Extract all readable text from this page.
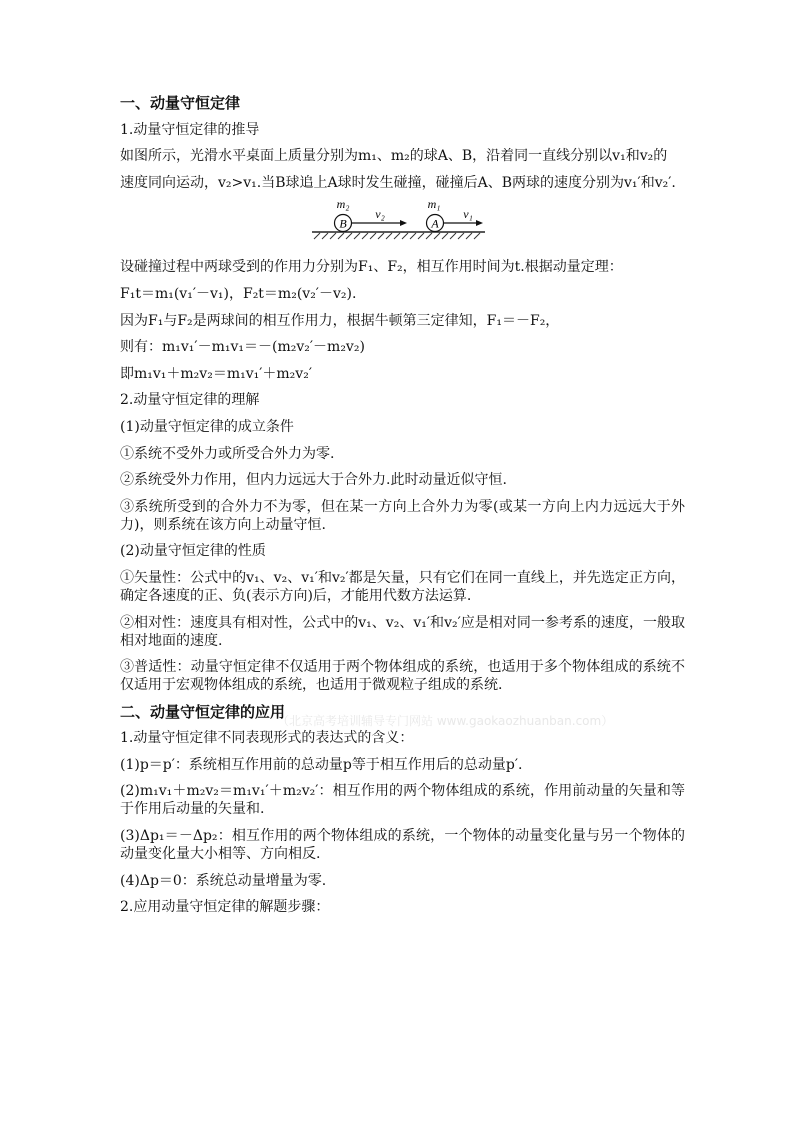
一、动量守恒定律
1.动量守恒定律的推导
如图所示，光滑水平桌面上质量分别为m₁、m₂的球A、B，沿着同一直线分别以v₁和v₂的
速度同向运动，v₂>v₁.当B球追上A球时发生碰撞，碰撞后A、B两球的速度分别为v₁′和v₂′.
B
m₂
v₂
A
m₁
v₁
设碰撞过程中两球受到的作用力分别为F₁、F₂，相互作用时间为t.根据动量定理：
F₁t＝m₁(v₁′－v₁)，F₂t＝m₂(v₂′－v₂).
因为F₁与F₂是两球间的相互作用力，根据牛顿第三定律知，F₁＝－F₂，
则有：m₁v₁′－m₁v₁＝－(m₂v₂′－m₂v₂)
即m₁v₁＋m₂v₂＝m₁v₁′＋m₂v₂′
2.动量守恒定律的理解
(1)动量守恒定律的成立条件
①系统不受外力或所受合外力为零.
②系统受外力作用，但内力远远大于合外力.此时动量近似守恒.
③系统所受到的合外力不为零，但在某一方向上合外力为零(或某一方向上内力远远大于外力)，则系统在该方向上动量守恒.
(2)动量守恒定律的性质
①矢量性：公式中的v₁、v₂、v₁′和v₂′都是矢量，只有它们在同一直线上，并先选定正方向，确定各速度的正、负(表示方向)后，才能用代数方法运算.
②相对性：速度具有相对性，公式中的v₁、v₂、v₁′和v₂′应是相对同一参考系的速度，一般取相对地面的速度.
③普适性：动量守恒定律不仅适用于两个物体组成的系统，也适用于多个物体组成的系统不仅适用于宏观物体组成的系统，也适用于微观粒子组成的系统.
二、动量守恒定律的应用
1.动量守恒定律不同表现形式的表达式的含义：
(1)p＝p′：系统相互作用前的总动量p等于相互作用后的总动量p′.
(2)m₁v₁＋m₂v₂＝m₁v₁′＋m₂v₂′：相互作用的两个物体组成的系统，作用前动量的矢量和等于作用后动量的矢量和.
(3)Δp₁＝－Δp₂：相互作用的两个物体组成的系统，一个物体的动量变化量与另一个物体的动量变化量大小相等、方向相反.
(4)Δp＝0：系统总动量增量为零.
2.应用动量守恒定律的解题步骤：
（北京高考培训辅导专门网站 www.gaokaozhuanban.com）
